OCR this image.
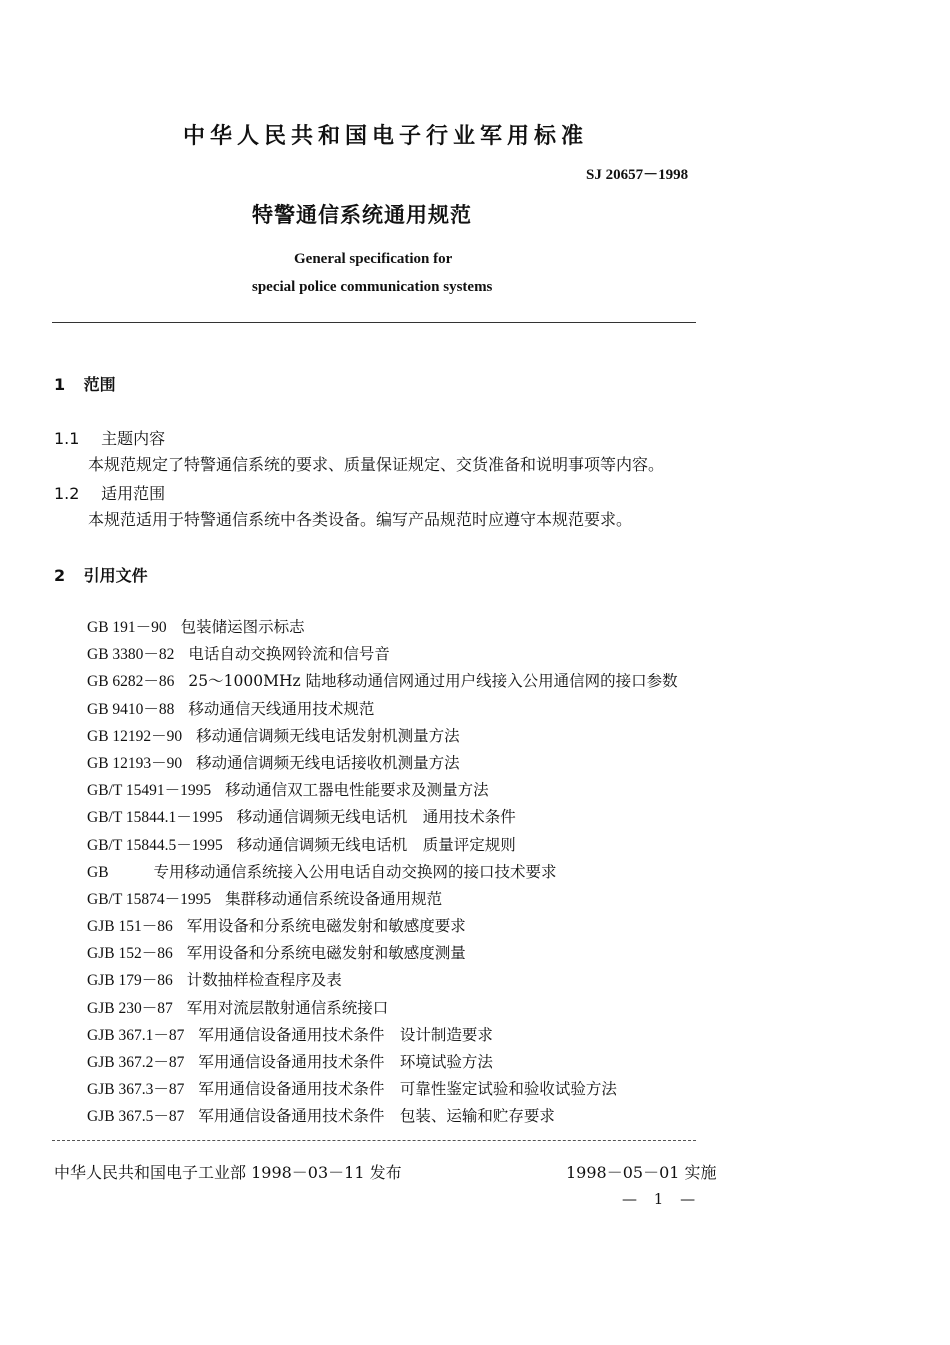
中华人民共和国电子行业军用标准
SJ 20657－1998
特警通信系统通用规范
General specification for
special police communication systems
1 范围
1.1 主题内容
本规范规定了特警通信系统的要求、质量保证规定、交货准备和说明事项等内容。
1.2 适用范围
本规范适用于特警通信系统中各类设备。编写产品规范时应遵守本规范要求。
2 引用文件
GB 191－90 包装储运图示标志
GB 3380－82 电话自动交换网铃流和信号音
GB 6282－86 25～1000MHz 陆地移动通信网通过用户线接入公用通信网的接口参数
GB 9410－88 移动通信天线通用技术规范
GB 12192－90 移动通信调频无线电话发射机测量方法
GB 12193－90 移动通信调频无线电话接收机测量方法
GB/T 15491－1995 移动通信双工器电性能要求及测量方法
GB/T 15844.1－1995 移动通信调频无线电话机　通用技术条件
GB/T 15844.5－1995 移动通信调频无线电话机　质量评定规则
GB　　专用移动通信系统接入公用电话自动交换网的接口技术要求
GB/T 15874－1995 集群移动通信系统设备通用规范
GJB 151－86 军用设备和分系统电磁发射和敏感度要求
GJB 152－86 军用设备和分系统电磁发射和敏感度测量
GJB 179－86 计数抽样检查程序及表
GJB 230－87 军用对流层散射通信系统接口
GJB 367.1－87 军用通信设备通用技术条件　设计制造要求
GJB 367.2－87 军用通信设备通用技术条件　环境试验方法
GJB 367.3－87 军用通信设备通用技术条件　可靠性鉴定试验和验收试验方法
GJB 367.5－87 军用通信设备通用技术条件　包装、运输和贮存要求
中华人民共和国电子工业部 1998－03－11 发布	1998－05－01 实施
— 1 —
